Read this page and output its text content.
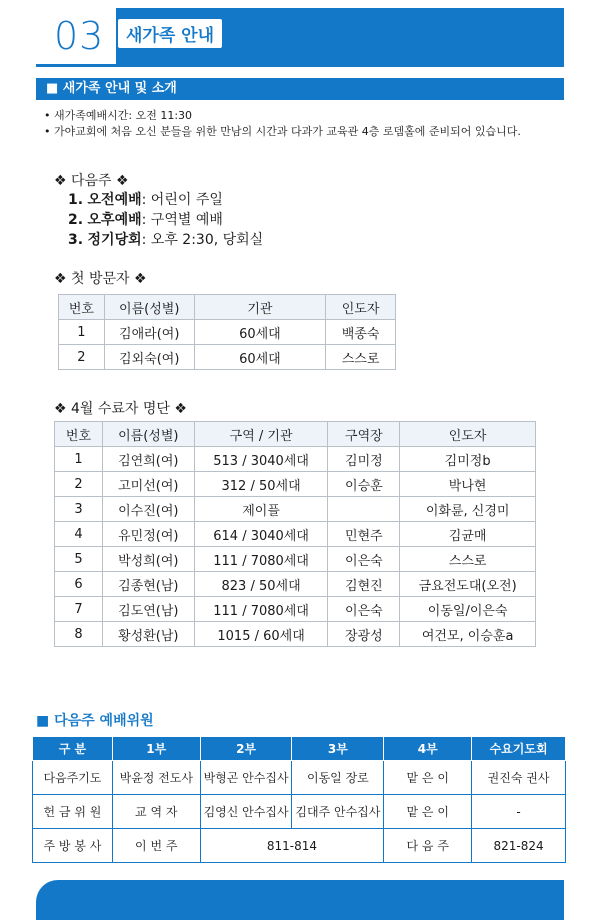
03	새가족 안내
■ 새가족 안내 및 소개
• 새가족예배시간: 오전 11:30
• 가야교회에 처음 오신 분들을 위한 만남의 시간과 다과가 교육관 4층 로뎀홀에 준비되어 있습니다.
❖ 다음주 ❖
1. 오전예배: 어린이 주일
2. 오후예배: 구역별 예배
3. 정기당회: 오후 2:30, 당회실
❖ 첫 방문자 ❖
번호	이름(성별)	기관	인도자
1	김애라(여)	60세대	백종숙
2	김외숙(여)	60세대	스스로
❖ 4월 수료자 명단 ❖
번호	이름(성별)	구역 / 기관	구역장	인도자
1	김연희(여)	513 / 3040세대	김미정	김미정b
2	고미선(여)	312 / 50세대	이승훈	박나현
3	이수진(여)	제이플		이화륜, 신경미
4	유민정(여)	614 / 3040세대	민현주	김균매
5	박성희(여)	111 / 7080세대	이은숙	스스로
6	김종현(남)	823 / 50세대	김현진	금요전도대(오전)
7	김도연(남)	111 / 7080세대	이은숙	이동일/이은숙
8	황성환(남)	1015 / 60세대	장광성	여건모, 이승훈a
■ 다음주 예배위원
구 분	1부	2부	3부	4부	수요기도회
다음주기도	박윤정 전도사	박형곤 안수집사	이동일 장로	맡 은 이	권진숙 권사
헌 금 위 원	교 역 자	김영신 안수집사	김대주 안수집사	맡 은 이	-
주 방 봉 사	이 번 주	811-814		다 음 주	821-824
